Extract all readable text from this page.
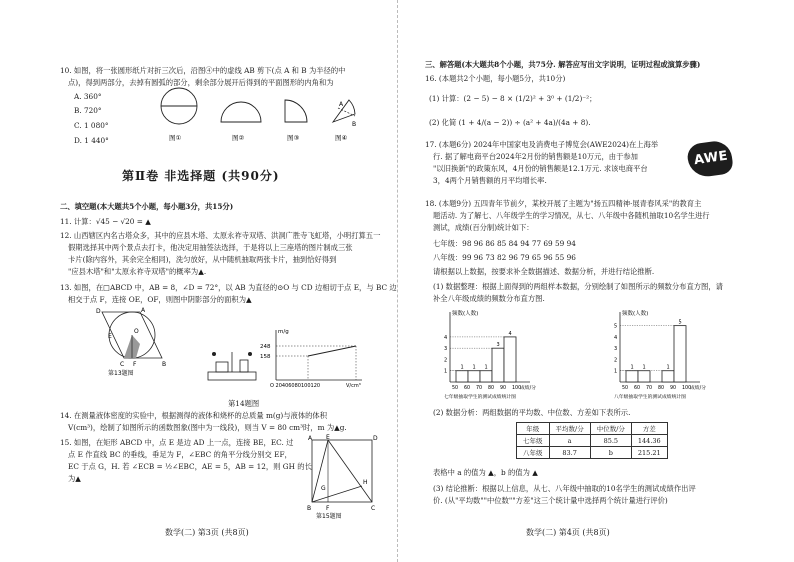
10. 如图，将一张圆形纸片对折三次后，沿图④中的虚线 AB 剪下(点 A 和 B 为半径的中
点)，得到两部分，去掉有圆弧的部分，剩余部分展开后得到的平面图形的内角和为
A. 360°
B. 720°
C. 1 080°
D. 1 440°
A
B
图①	图②	图③	图④
第Ⅱ卷 非选择题 (共90分)
二、填空题(本大题共5个小题，每小题3分，共15分)
11. 计算：√45 − √20 = ▲
12. 山西辖区内名古塔众多，其中的应县木塔、太原永祚寺双塔、洪洞广胜寺飞虹塔，小明打算五一
假期选择其中两个景点去打卡，他决定用抽签法选择，于是将以上三座塔的图片制成三张
卡片(除内容外，其余完全相同)，洗匀放好，从中随机抽取两张卡片，抽到恰好得到
"应县木塔"和"太原永祚寺双塔"的概率为▲.
13. 如图，在□ABCD 中，AB = 8，∠D = 72°，以 AB 为直径的⊙O 与 CD 边相切于点 E，与 BC 边
相交于点 F，连接 OE，OF，则图中阴影部分的面积为▲
D	A
E
O
C F	B
第13题图
m/g
248
158
O 20406080100120	V/cm³
第14题图
14. 在测量液体密度的实验中，根据测得的液体和烧杯的总质量 m(g)与液体的体积
V(cm³)，绘制了如图所示的函数图象(图中为一线段)，则当 V = 80 cm³时，m 为▲g.
15. 如图，在矩形 ABCD 中，点 E 是边 AD 上一点，连接 BE，EC. 过
点 E 作直线 BC 的垂线，垂足为 F，∠EBC 的角平分线分别交 EF，
EC 于点 G，H. 若 ∠ECB = ½∠EBC，AE = 5，AB = 12，则 GH 的长
为▲
A E	D
G
H
B F	C
第15题图
数学(二) 第3页 (共8页)
三、解答题(本大题共8个小题，共75分. 解答应写出文字说明，证明过程或演算步骤)
16. (本题共2个小题，每小题5分，共10分)
(1) 计算：(2 − 5) − 8 × (1/2)² + 3⁰ + (1/2)⁻²；
(2) 化简 (1 + 4/(a − 2)) ÷ (a² + 4a)/(4a + 8).
17. (本题6分) 2024年中国家电及消费电子博览会(AWE2024)在上海举
行. 据了解电商平台2024年2月份的销售额是10万元，由于参加
"以旧换新"的政策东风，4月份的销售额是12.1万元. 求该电商平台
3，4两个月销售额的月平均增长率.
AWE
18. (本题9分) 五四青年节前夕，某校开展了主题为"扬五四精神·展青春风采"的教育主
题活动. 为了解七、八年级学生的学习情况，从七、八年级中各随机抽取10名学生进行
测试，成绩(百分制)统计如下：
七年级：98 96 86 85 84 94 77 69 59 94
八年级：99 96 73 82 96 79 65 96 55 96
请根据以上数据，按要求补全数据描述、数据分析，并进行结论推断.
(1) 数据整理：根据上面得到的两组样本数据，分别绘制了如图所示的频数分布直方图，请
补全八年级成绩的频数分布直方图.
频数(人数)
1
2
3
4
1 1 1
3
4
50 60 70 80 90 100
成绩/分
七年级抽取学生的测试成绩统计图
频数(人数)
1
2
3
4
5
1 1	1
5
50 60 70 80 90 100
成绩/分
八年级抽取学生的测试成绩统计图
(2) 数据分析：两组数据的平均数、中位数、方差如下表所示.
年级	平均数/分	中位数/分	方差
七年级	a	85.5	144.36
八年级	83.7	b	215.21
表格中 a 的值为 ▲，b 的值为 ▲
(3) 结论推断：根据以上信息，从七、八年级中抽取的10名学生的测试成绩作出评
价. (从"平均数""中位数""方差"这三个统计量中选择两个统计量进行评价)
数学(二) 第4页 (共8页)
